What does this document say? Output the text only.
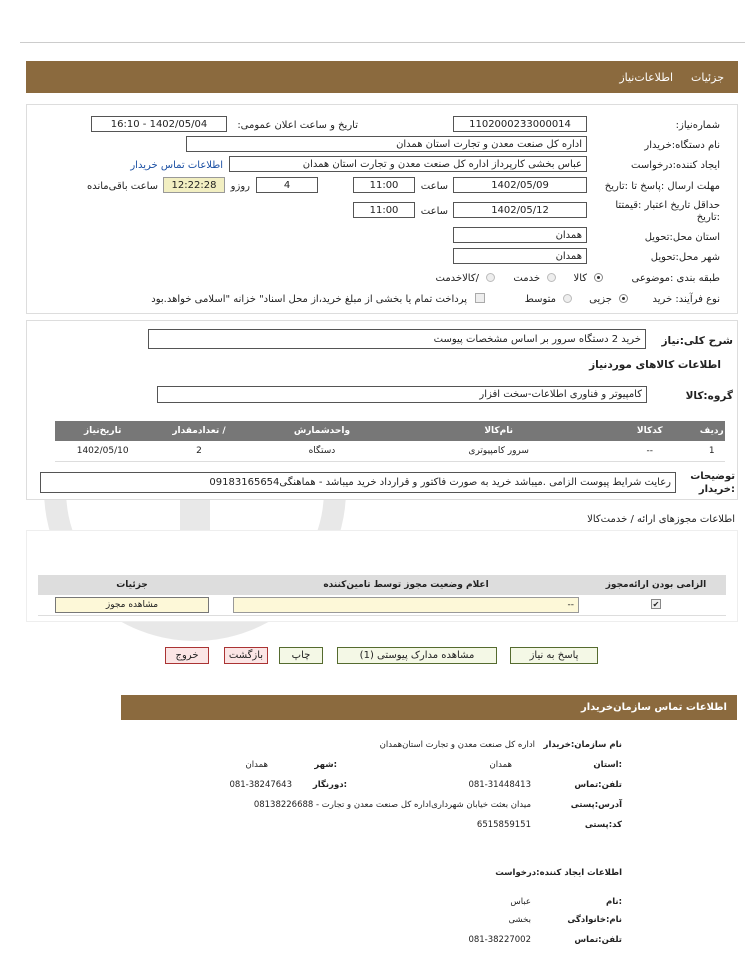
جزئیات
اطلاعات‌نیاز
شماره‌نیاز:
1102000233000014
تاریخ و ساعت اعلان عمومی:
1402/05/04 - 16:10
نام دستگاه:خریدار
اداره کل صنعت معدن و تجارت استان همدان
ایجاد کننده:درخواست
عباس بخشی کارپرداز اداره کل صنعت معدن و تجارت استان همدان
اطلاعات تماس خریدار
مهلت ارسال :پاسخ تا :تاریخ
1402/05/09
ساعت
11:00
4
روزو
12:22:28
ساعت باقی‌مانده
حداقل تاریخ اعتبار :قیمتتا :تاریخ
1402/05/12
ساعت
11:00
استان محل:تحویل
همدان
شهر محل:تحویل
همدان
طبقه بندی :موضوعی
کالا
خدمت
/کالاخدمت
نوع فرآیند: خرید
جزیی
متوسط
پرداخت تمام یا بخشی از مبلغ خرید،از محل اسناد" خزانه "اسلامی خواهد.بود
شرح کلی:نیاز
خرید 2 دستگاه سرور بر اساس مشخصات پیوست
اطلاعات کالاهای موردنیاز
گروه:کالا
کامپیوتر و فناوری اطلاعات-سخت افزار
ردیف	کدکالا	نام‌کالا	واحدشمارش	/ تعدادمقدار	تاریخ‌نیاز
1	--	سرور کامپیوتری	دستگاه	2	1402/05/10
توضیحات :خریدار
رعایت شرایط پیوست الزامی .میباشد خرید به صورت فاکتور و قرارداد خرید میباشد - هماهنگی09183165654
اطلاعات مجوزهای ارائه / خدمت‌کالا
الزامی بودن ارائه‌مجوز	اعلام وضعیت مجوز توسط تامین‌کننده	جزئیات
✔	--	مشاهده مجوز
پاسخ به نیاز
مشاهده مدارک پیوستی (1)
چاپ
بازگشت
خروج
اطلاعات تماس سازمان‌خریدار
نام سازمان:خریدار
اداره کل صنعت معدن و تجارت استان‌همدان
:استان
همدان
:شهر
همدان
تلفن:تماس
081-31448413
:دورنگار
081-38247643
آدرس:پستی
میدان بعثت خیابان شهرداری‌اداره کل صنعت معدن و تجارت - 08138226688
کد:پستی
6515859151
اطلاعات ایجاد کننده:درخواست
:نام
عباس
نام:خانوادگی
بخشی
تلفن:تماس
081-38227002
